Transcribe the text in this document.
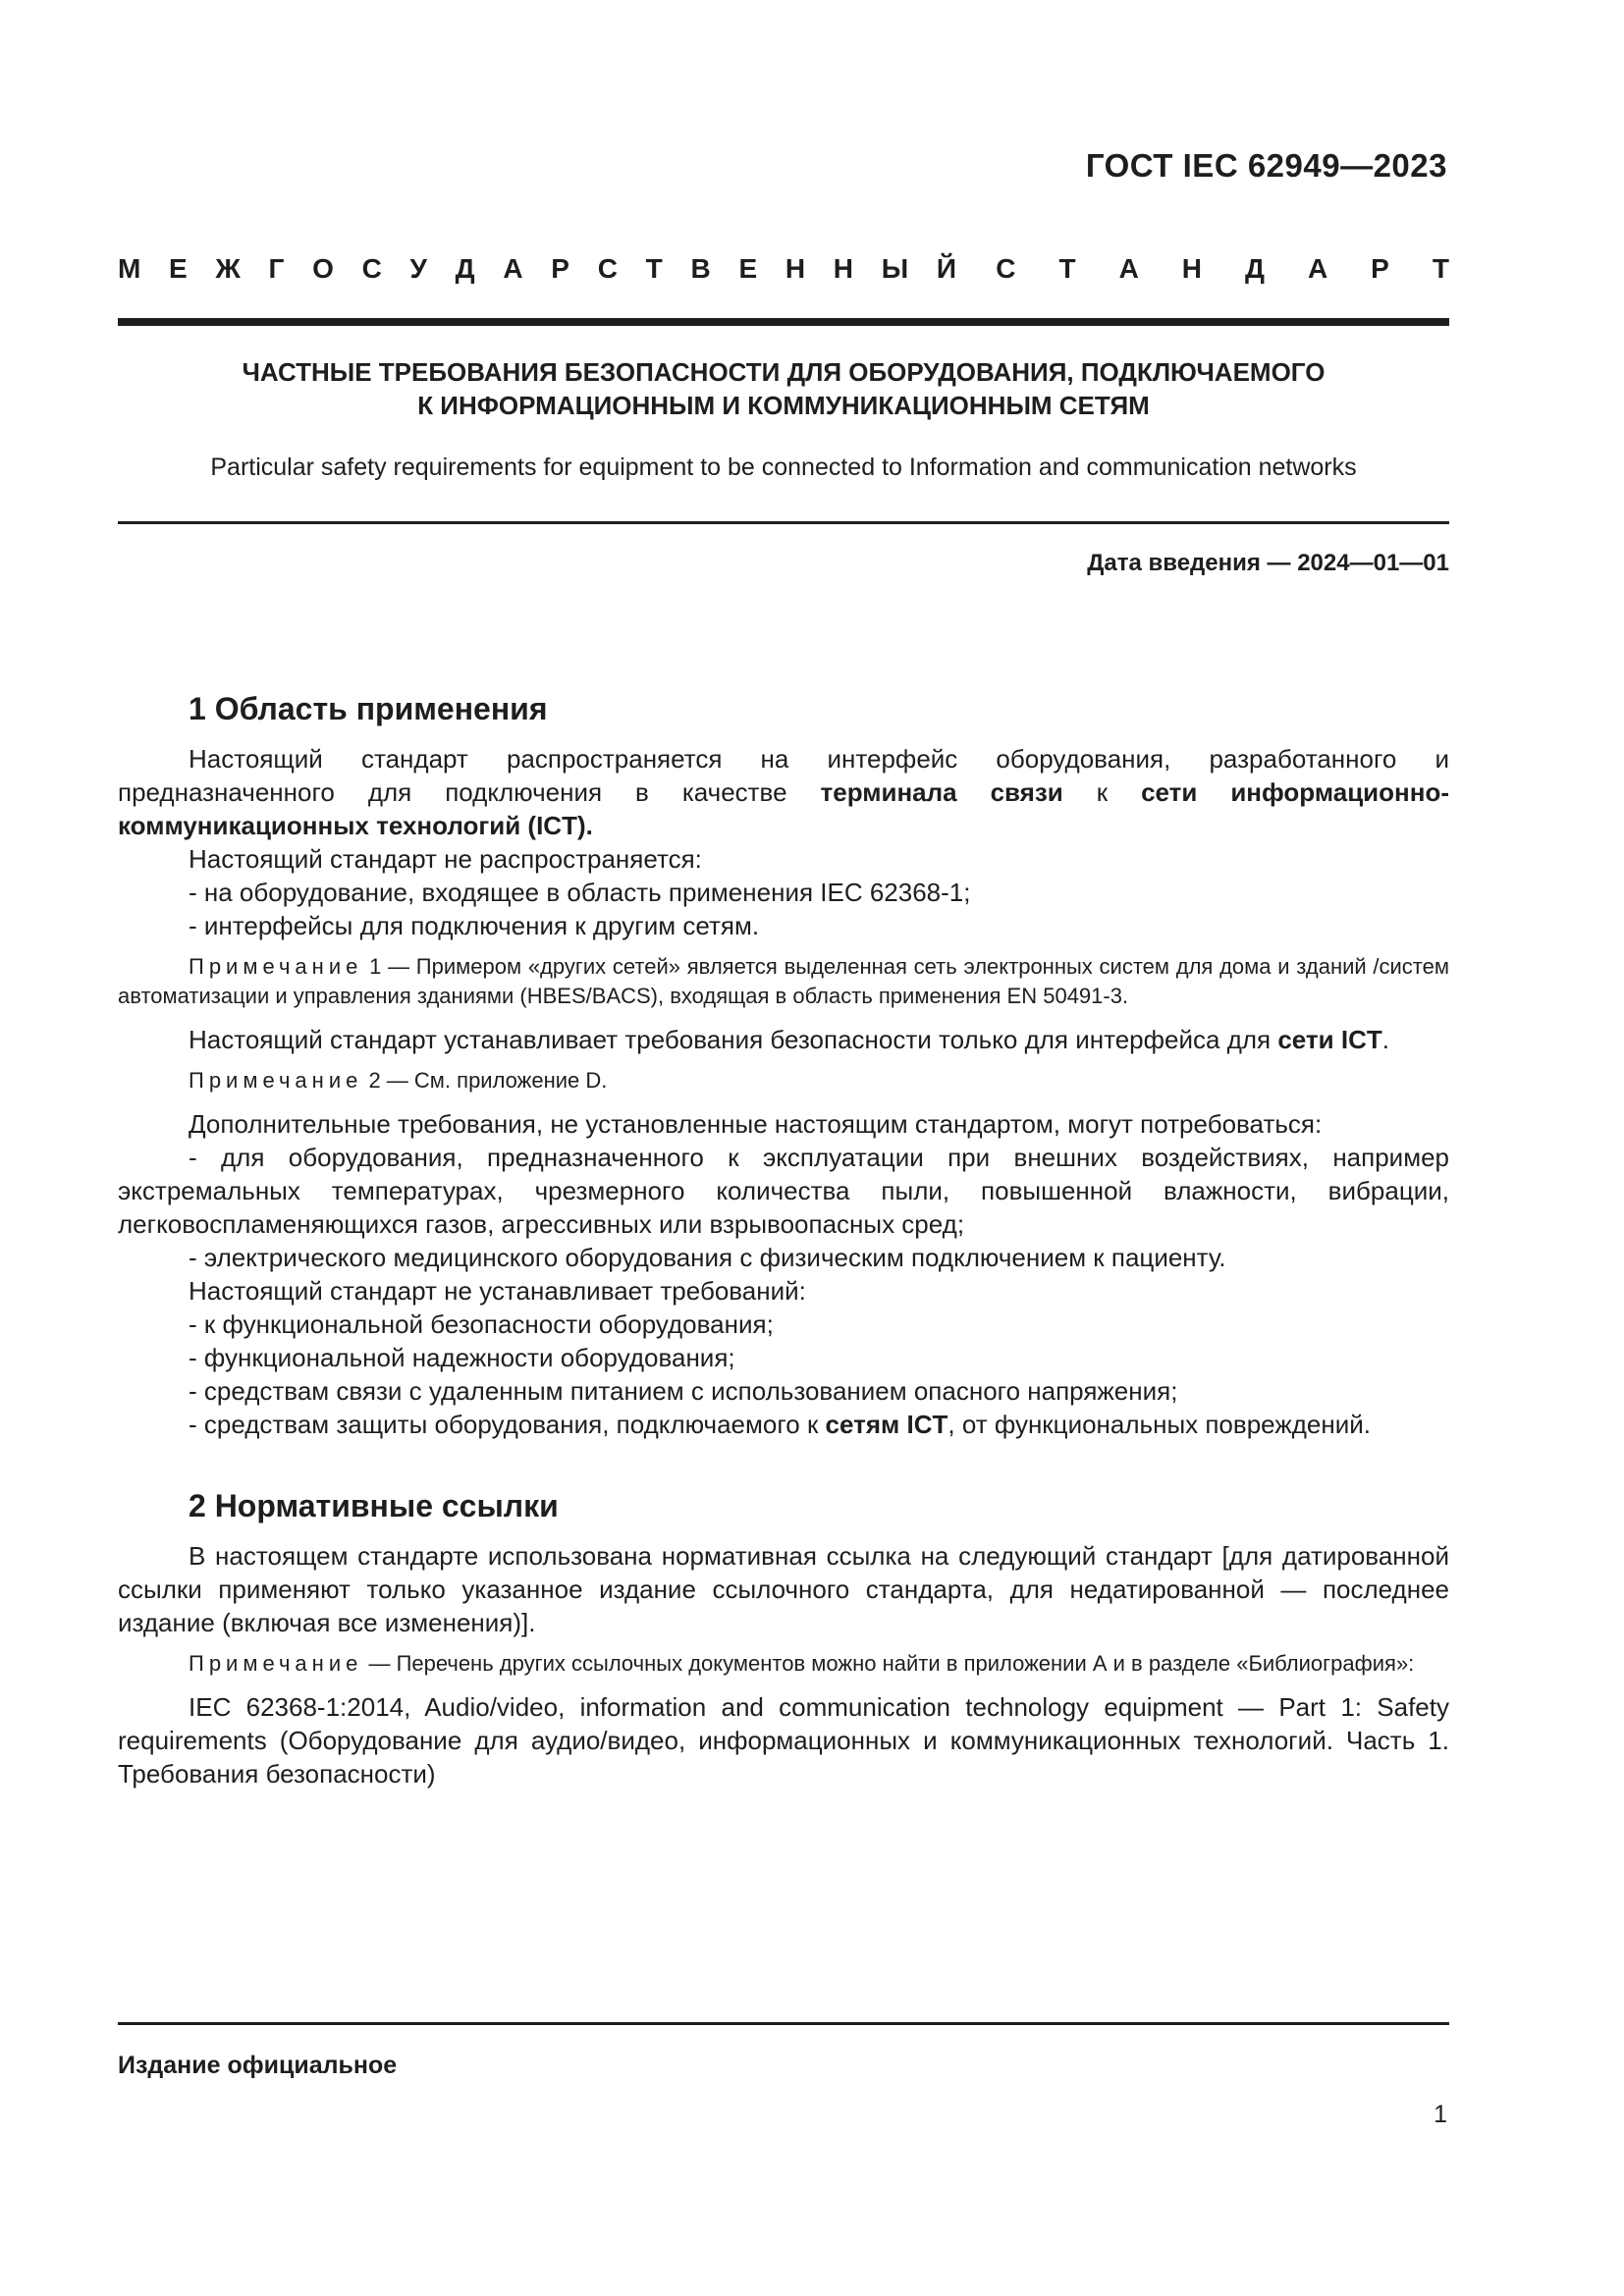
ГОСТ IEC 62949—2023
М Е Ж Г О С У Д А Р С Т В Е Н Н Ы Й С Т А Н Д А Р Т
ЧАСТНЫЕ ТРЕБОВАНИЯ БЕЗОПАСНОСТИ ДЛЯ ОБОРУДОВАНИЯ, ПОДКЛЮЧАЕМОГО
К ИНФОРМАЦИОННЫМ И КОММУНИКАЦИОННЫМ СЕТЯМ
Particular safety requirements for equipment to be connected to Information and communication networks
Дата введения — 2024—01—01
1 Область применения

Настоящий стандарт распространяется на интерфейс оборудования, разработанного и предназначенного для подключения в качестве терминала связи к сети информационно-коммуникационных технологий (ICT).

Настоящий стандарт не распространяется:

- на оборудование, входящее в область применения IEC 62368-1;

- интерфейсы для подключения к другим сетям.

Примечание 1 — Примером «других сетей» является выделенная сеть электронных систем для дома и зданий /систем автоматизации и управления зданиями (HBES/BACS), входящая в область применения EN 50491-3.

Настоящий стандарт устанавливает требования безопасности только для интерфейса для сети ICT.

Примечание 2 — См. приложение D.

Дополнительные требования, не установленные настоящим стандартом, могут потребоваться:

- для оборудования, предназначенного к эксплуатации при внешних воздействиях, например экстремальных температурах, чрезмерного количества пыли, повышенной влажности, вибрации, легковоспламеняющихся газов, агрессивных или взрывоопасных сред;

- электрического медицинского оборудования с физическим подключением к пациенту.

Настоящий стандарт не устанавливает требований:

- к функциональной безопасности оборудования;

- функциональной надежности оборудования;

- средствам связи с удаленным питанием с использованием опасного напряжения;

- средствам защиты оборудования, подключаемого к сетям ICT, от функциональных повреждений.

2 Нормативные ссылки

В настоящем стандарте использована нормативная ссылка на следующий стандарт [для датированной ссылки применяют только указанное издание ссылочного стандарта, для недатированной — последнее издание (включая все изменения)].

Примечание — Перечень других ссылочных документов можно найти в приложении А и в разделе «Библиография»:

IEC 62368-1:2014, Audio/video, information and communication technology equipment — Part 1: Safety requirements (Оборудование для аудио/видео, информационных и коммуникационных технологий. Часть 1. Требования безопасности)

Издание официальное
1
